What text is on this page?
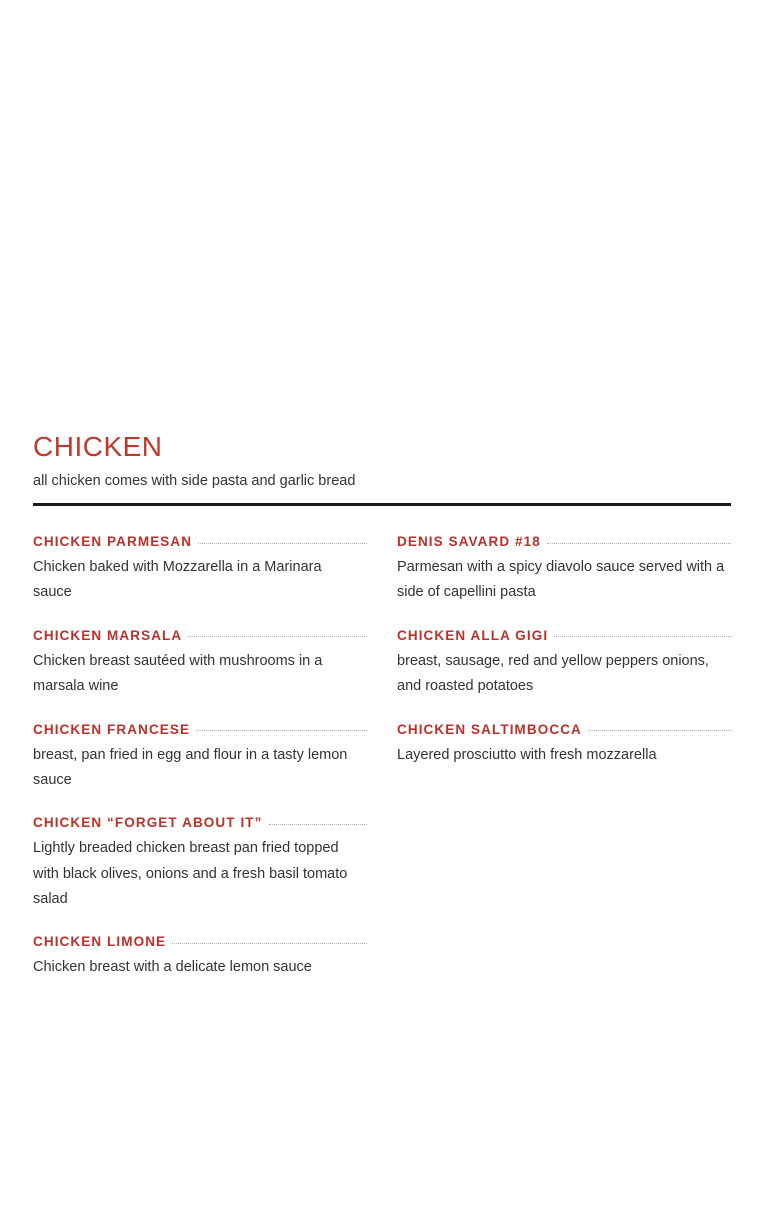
CHICKEN

all chicken comes with side pasta and garlic bread

CHICKEN PARMESAN
Chicken baked with Mozzarella in a Marinara sauce
CHICKEN MARSALA
Chicken breast sautéed with mushrooms in a marsala wine
CHICKEN FRANCESE
breast, pan fried in egg and flour in a tasty lemon sauce
CHICKEN “FORGET ABOUT IT”
Lightly breaded chicken breast pan fried topped with black olives, onions and a fresh basil tomato salad
CHICKEN LIMONE
Chicken breast with a delicate lemon sauce
DENIS SAVARD #18
Parmesan with a spicy diavolo sauce served with a side of capellini pasta
CHICKEN ALLA GIGI
breast, sausage, red and yellow peppers onions, and roasted potatoes
CHICKEN SALTIMBOCCA
Layered prosciutto with fresh mozzarella
